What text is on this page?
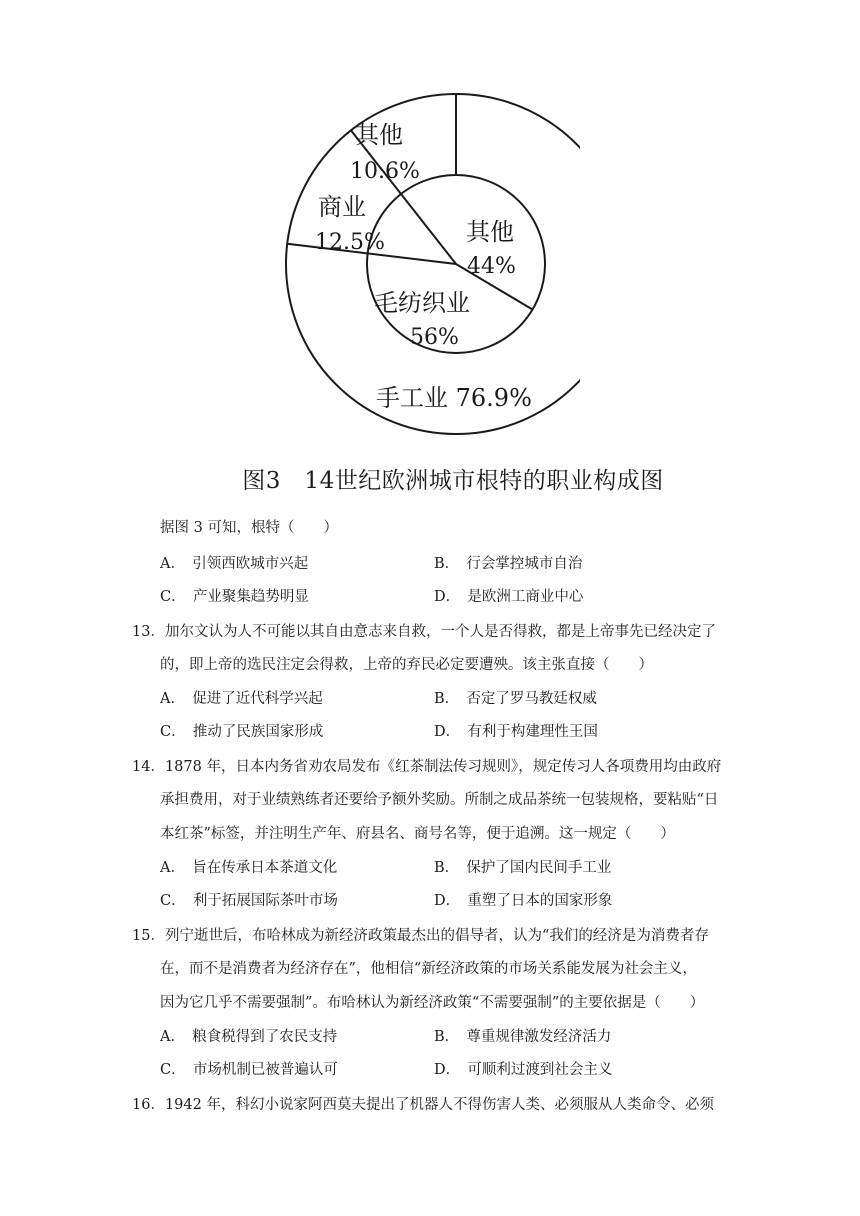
其他
10.6%
商业
12.5%
手工业 76.9%
其他
44%
毛纺织业
56%
图3　14世纪欧洲城市根特的职业构成图
据图 3 可知，根特（　　）
A．　引领西欧城市兴起	B．　行会掌控城市自治
C．　产业聚集趋势明显	D．　是欧洲工商业中心
13．加尔文认为人不可能以其自由意志来自救，一个人是否得救，都是上帝事先已经决定了
的，即上帝的选民注定会得救，上帝的弃民必定要遭殃。该主张直接（　　）
A．　促进了近代科学兴起	B．　否定了罗马教廷权威
C．　推动了民族国家形成	D．　有利于构建理性王国
14．1878 年，日本内务省劝农局发布《红茶制法传习规则》，规定传习人各项费用均由政府
承担费用，对于业绩熟练者还要给予额外奖励。所制之成品茶统一包装规格，要粘贴“日
本红茶”标签，并注明生产年、府县名、商号名等，便于追溯。这一规定（　　）
A．　旨在传承日本茶道文化	B．　保护了国内民间手工业
C．　利于拓展国际茶叶市场	D．　重塑了日本的国家形象
15．列宁逝世后，布哈林成为新经济政策最杰出的倡导者，认为“我们的经济是为消费者存
在，而不是消费者为经济存在”，他相信“新经济政策的市场关系能发展为社会主义，
因为它几乎不需要强制”。布哈林认为新经济政策“不需要强制”的主要依据是（　　）
A．　粮食税得到了农民支持	B．　尊重规律激发经济活力
C．　市场机制已被普遍认可	D．　可顺利过渡到社会主义
16．1942 年，科幻小说家阿西莫夫提出了机器人不得伤害人类、必须服从人类命令、必须
